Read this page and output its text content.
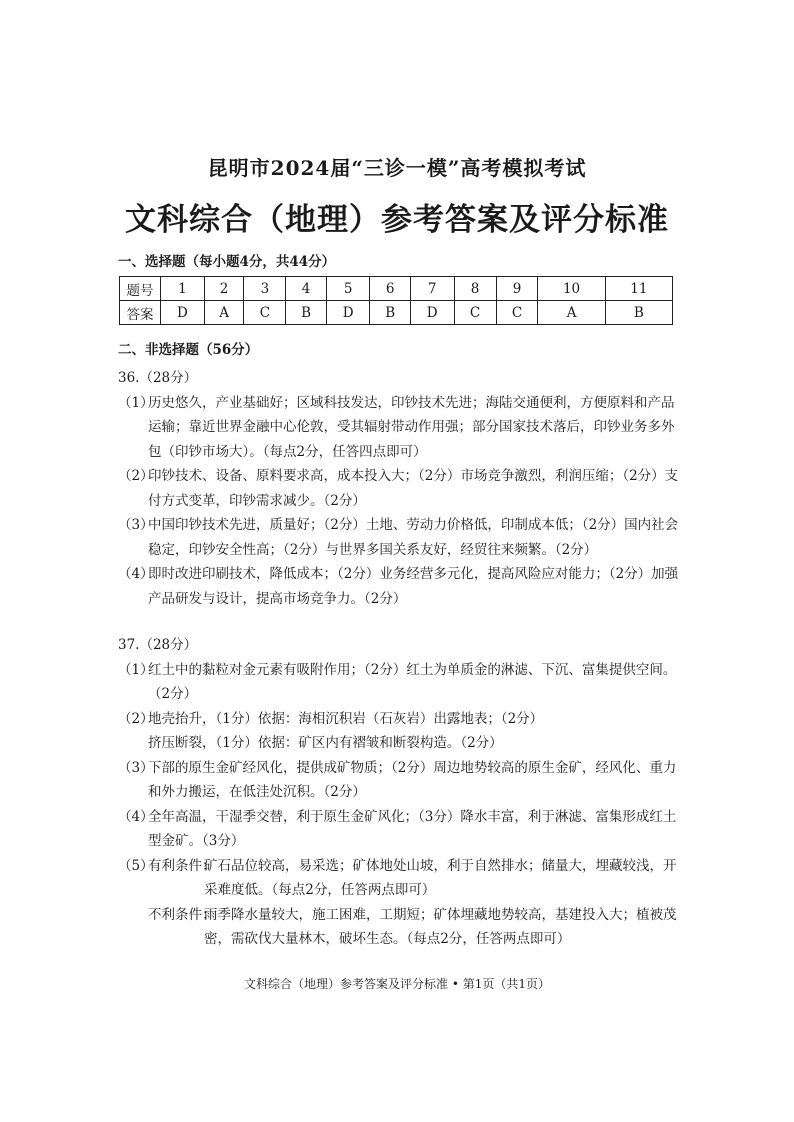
昆明市2024届“三诊一模”高考模拟考试
文科综合（地理）参考答案及评分标准
一、选择题（每小题4分，共44分）
题号	1	2	3	4	5	6	7	8	9	10	11
答案	D	A	C	B	D	B	D	C	C	A	B
二、非选择题（56分）
36.（28分）
（1）
历史悠久，产业基础好；区域科技发达，印钞技术先进；海陆交通便利，方便原料和产品运输；靠近世界金融中心伦敦，受其辐射带动作用强；部分国家技术落后，印钞业务多外包（印钞市场大）。（每点2分，任答四点即可）
（2）
印钞技术、设备、原料要求高，成本投入大；（2分）市场竞争激烈，利润压缩；（2分）支付方式变革，印钞需求减少。（2分）
（3）
中国印钞技术先进，质量好；（2分）土地、劳动力价格低，印制成本低；（2分）国内社会稳定，印钞安全性高；（2分）与世界多国关系友好，经贸往来频繁。（2分）
（4）
即时改进印刷技术，降低成本；（2分）业务经营多元化，提高风险应对能力；（2分）加强产品研发与设计，提高市场竞争力。（2分）
37.（28分）
（1）
红土中的黏粒对金元素有吸附作用；（2分）红土为单质金的淋滤、下沉、富集提供空间。（2分）
（2）
地壳抬升，（1分）依据：海相沉积岩（石灰岩）出露地表；（2分）
挤压断裂，（1分）依据：矿区内有褶皱和断裂构造。（2分）
（3）
下部的原生金矿经风化，提供成矿物质；（2分）周边地势较高的原生金矿，经风化、重力和外力搬运，在低洼处沉积。（2分）
（4）
全年高温，干湿季交替，利于原生金矿风化；（3分）降水丰富，利于淋滤、富集形成红土型金矿。（3分）
（5）
有利条件：
矿石品位较高，易采选；矿体地处山坡，利于自然排水；储量大，埋藏较浅，开采难度低。（每点2分，任答两点即可）
不利条件：
雨季降水量较大，施工困难，工期短；矿体埋藏地势较高，基建投入大；植被茂密，需砍伐大量林木，破坏生态。（每点2分，任答两点即可）
文科综合（地理）参考答案及评分标准 • 第1页（共1页）
